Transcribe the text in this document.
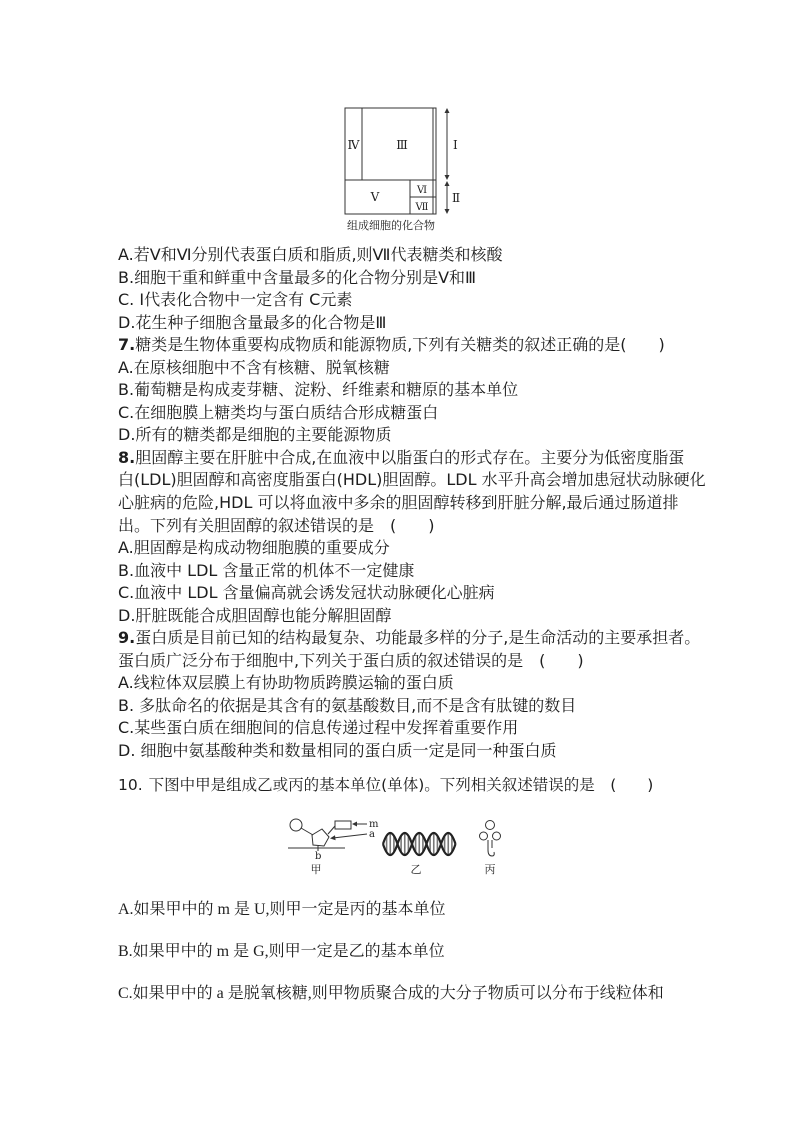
Ⅳ	Ⅲ	Ⅰ
Ⅴ	Ⅵ
Ⅶ
Ⅱ
组成细胞的化合物
A.若Ⅴ和Ⅵ分别代表蛋白质和脂质,则Ⅶ代表糖类和核酸
B.细胞干重和鲜重中含量最多的化合物分别是Ⅴ和Ⅲ
C. Ⅰ代表化合物中一定含有 C元素
D.花生种子细胞含量最多的化合物是Ⅲ
7.糖类是生物体重要构成物质和能源物质,下列有关糖类的叙述正确的是(　　)
A.在原核细胞中不含有核糖、脱氧核糖
B.葡萄糖是构成麦芽糖、淀粉、纤维素和糖原的基本单位
C.在细胞膜上糖类均与蛋白质结合形成糖蛋白
D.所有的糖类都是细胞的主要能源物质
8.胆固醇主要在肝脏中合成,在血液中以脂蛋白的形式存在。主要分为低密度脂蛋
白(LDL)胆固醇和高密度脂蛋白(HDL)胆固醇。LDL 水平升高会增加患冠状动脉硬化
心脏病的危险,HDL 可以将血液中多余的胆固醇转移到肝脏分解,最后通过肠道排
出。下列有关胆固醇的叙述错误的是　(　　)
A.胆固醇是构成动物细胞膜的重要成分
B.血液中 LDL 含量正常的机体不一定健康
C.血液中 LDL 含量偏高就会诱发冠状动脉硬化心脏病
D.肝脏既能合成胆固醇也能分解胆固醇
9.蛋白质是目前已知的结构最复杂、功能最多样的分子,是生命活动的主要承担者。
蛋白质广泛分布于细胞中,下列关于蛋白质的叙述错误的是　(　　)
A.线粒体双层膜上有协助物质跨膜运输的蛋白质
B. 多肽命名的依据是其含有的氨基酸数目,而不是含有肽键的数目
C.某些蛋白质在细胞间的信息传递过程中发挥着重要作用
D. 细胞中氨基酸种类和数量相同的蛋白质一定是同一种蛋白质
10. 下图中甲是组成乙或丙的基本单位(单体)。下列相关叙述错误的是　(　　)
m
a
b
甲	乙	丙
A.如果甲中的 m 是 U,则甲一定是丙的基本单位
B.如果甲中的 m 是 G,则甲一定是乙的基本单位
C.如果甲中的 a 是脱氧核糖,则甲物质聚合成的大分子物质可以分布于线粒体和
